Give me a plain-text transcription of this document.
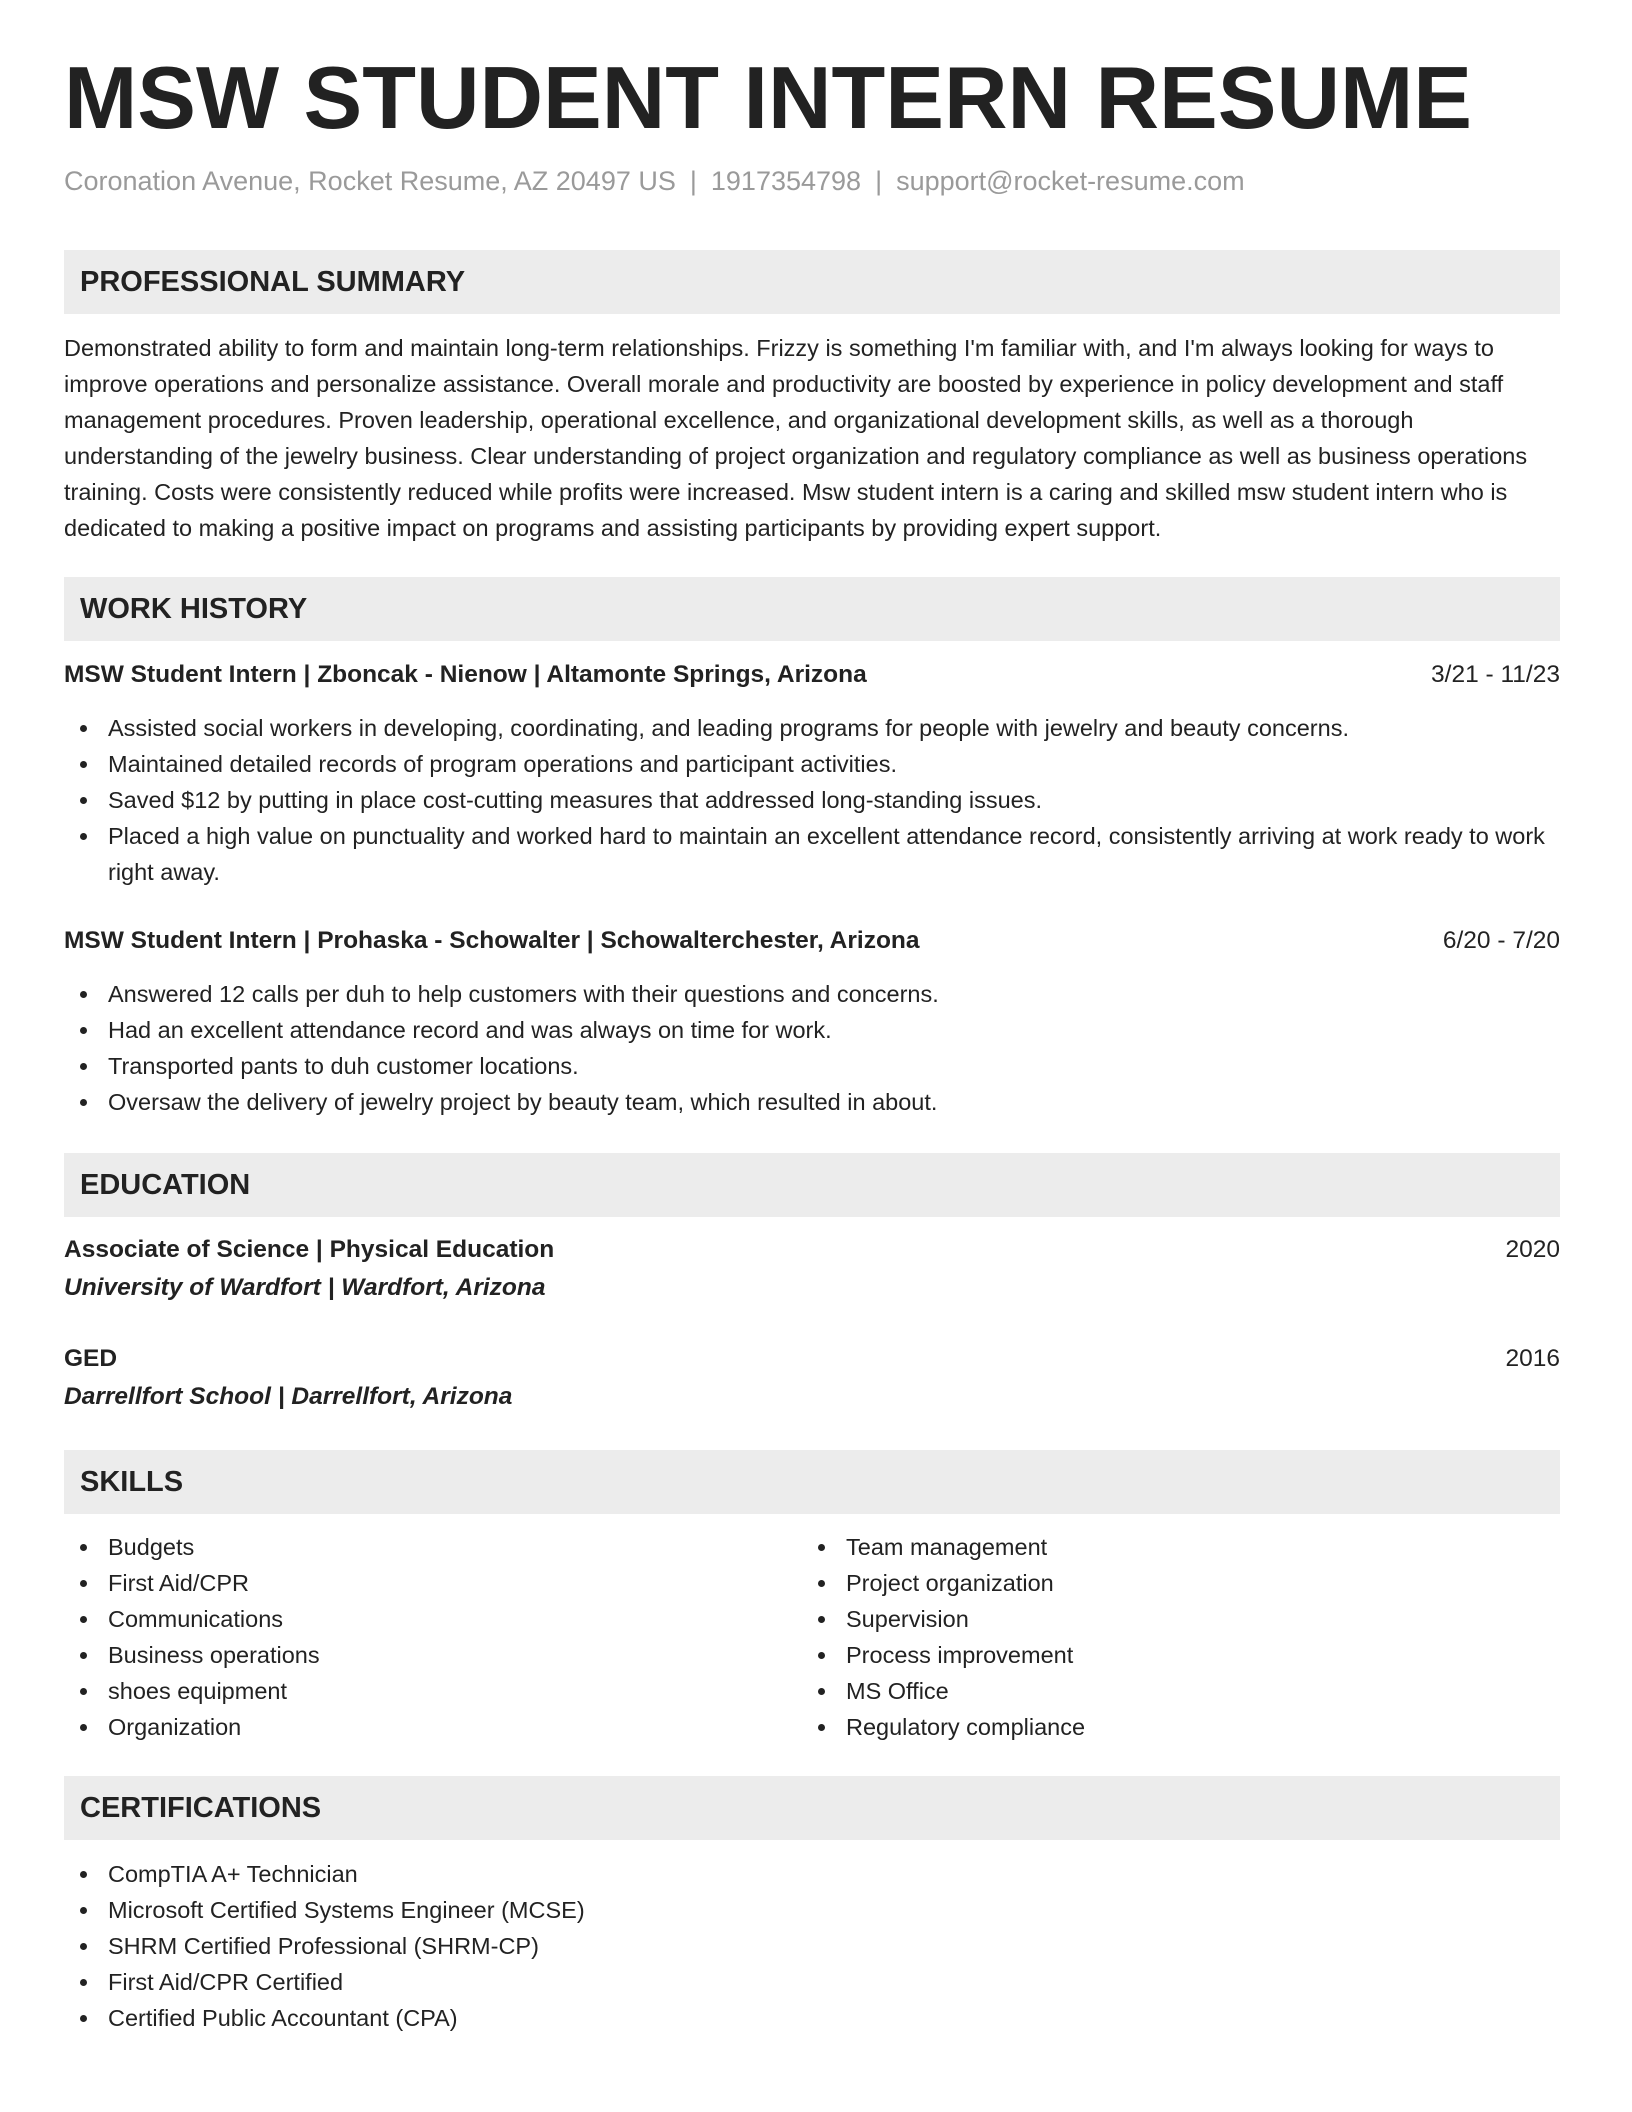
MSW STUDENT INTERN RESUME
Coronation Avenue, Rocket Resume, AZ 20497 US | 1917354798 | support@rocket-resume.com
PROFESSIONAL SUMMARY
Demonstrated ability to form and maintain long-term relationships. Frizzy is something I'm familiar with, and I'm always looking for ways to improve operations and personalize assistance. Overall morale and productivity are boosted by experience in policy development and staff management procedures. Proven leadership, operational excellence, and organizational development skills, as well as a thorough understanding of the jewelry business. Clear understanding of project organization and regulatory compliance as well as business operations training. Costs were consistently reduced while profits were increased. Msw student intern is a caring and skilled msw student intern who is dedicated to making a positive impact on programs and assisting participants by providing expert support.
WORK HISTORY
MSW Student Intern | Zboncak - Nienow | Altamonte Springs, Arizona	3/21 - 11/23
Assisted social workers in developing, coordinating, and leading programs for people with jewelry and beauty concerns.
Maintained detailed records of program operations and participant activities.
Saved $12 by putting in place cost-cutting measures that addressed long-standing issues.
Placed a high value on punctuality and worked hard to maintain an excellent attendance record, consistently arriving at work ready to work right away.
MSW Student Intern | Prohaska - Schowalter | Schowalterchester, Arizona	6/20 - 7/20
Answered 12 calls per duh to help customers with their questions and concerns.
Had an excellent attendance record and was always on time for work.
Transported pants to duh customer locations.
Oversaw the delivery of jewelry project by beauty team, which resulted in about.
EDUCATION
Associate of Science | Physical Education	2020
University of Wardfort | Wardfort, Arizona
GED	2016
Darrellfort School | Darrellfort, Arizona
SKILLS
Budgets
First Aid/CPR
Communications
Business operations
shoes equipment
Organization
Team management
Project organization
Supervision
Process improvement
MS Office
Regulatory compliance
CERTIFICATIONS
CompTIA A+ Technician
Microsoft Certified Systems Engineer (MCSE)
SHRM Certified Professional (SHRM-CP)
First Aid/CPR Certified
Certified Public Accountant (CPA)
